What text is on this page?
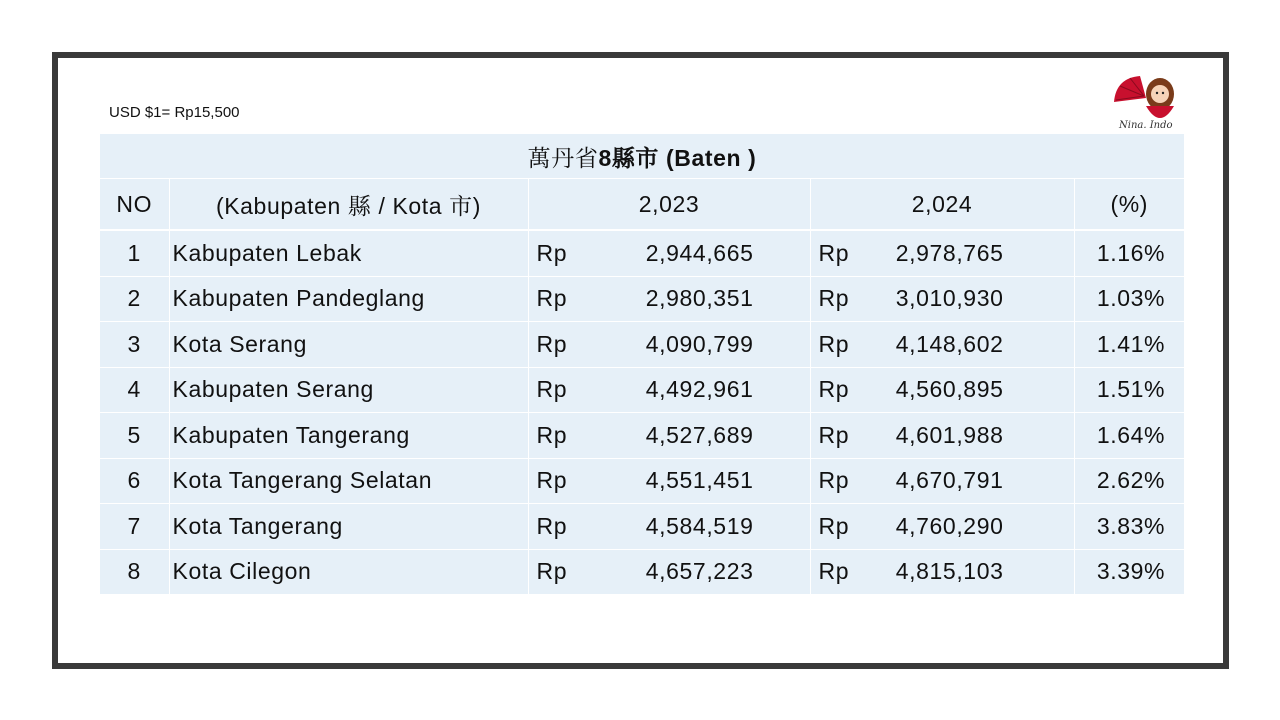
USD $1= Rp15,500
Nina. Indo
萬丹省8縣市 (Baten )				
NO	(Kabupaten 縣 / Kota 市)	2,023	2,024	(%)
1	Kabupaten Lebak	Rp 2,944,665	Rp 2,978,765	1.16%
2	Kabupaten Pandeglang	Rp 2,980,351	Rp 3,010,930	1.03%
3	Kota Serang	Rp 4,090,799	Rp 4,148,602	1.41%
4	Kabupaten Serang	Rp 4,492,961	Rp 4,560,895	1.51%
5	Kabupaten Tangerang	Rp 4,527,689	Rp 4,601,988	1.64%
6	Kota Tangerang Selatan	Rp 4,551,451	Rp 4,670,791	2.62%
7	Kota Tangerang	Rp 4,584,519	Rp 4,760,290	3.83%
8	Kota Cilegon	Rp 4,657,223	Rp 4,815,103	3.39%
